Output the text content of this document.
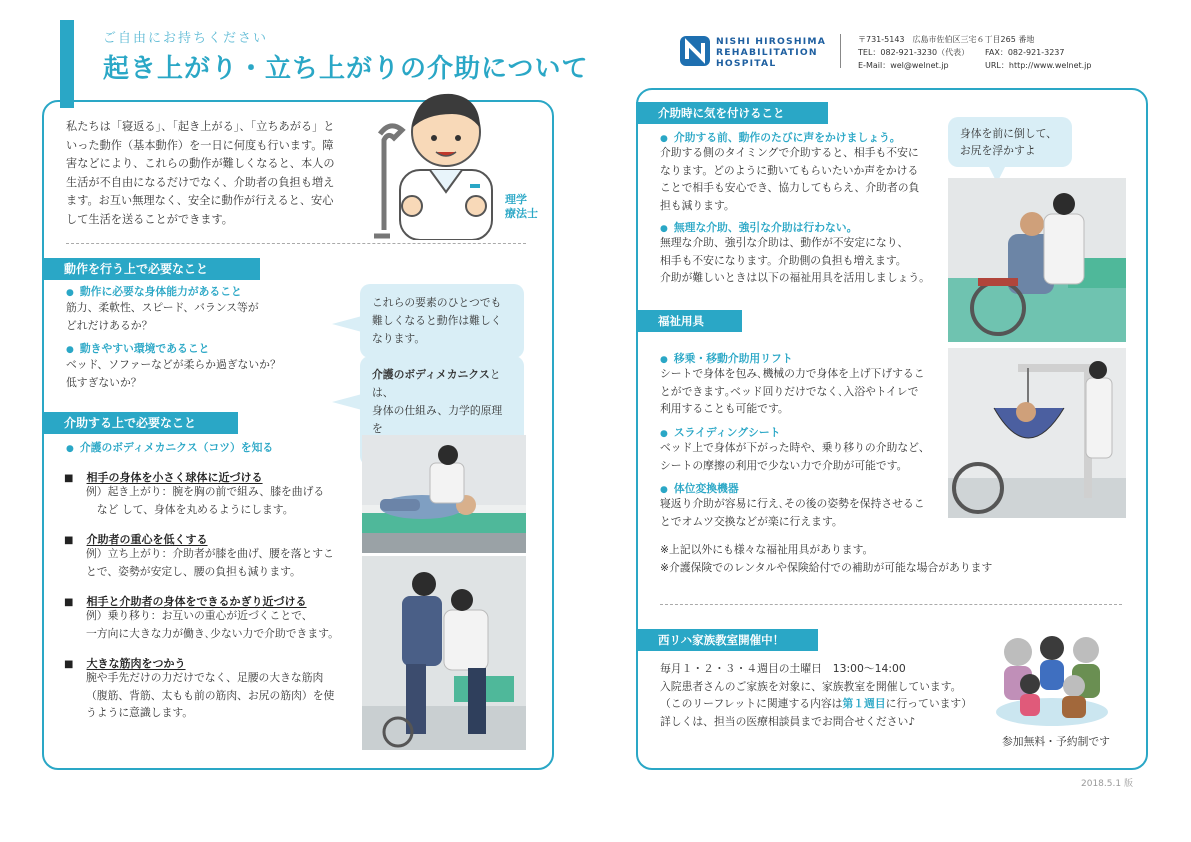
ご自由にお持ちください
起き上がり・立ち上がりの介助について
私たちは「寝返る」、「起き上がる」、「立ちあがる」と
いった動作（基本動作）を一日に何度も行います。障
害などにより、これらの動作が難しくなると、本人の
生活が不自由になるだけでなく、介助者の負担も増え
ます。お互い無理なく、安全に動作が行えると、安心
して生活を送ることができます。
理学
療法士
動作を行う上で必要なこと
● 動作に必要な身体能力があること
筋力、柔軟性、スピード、バランス等が
どれだけあるか？
● 動きやすい環境であること
ベッド、ソファーなどが柔らか過ぎないか？
低すぎないか？
これらの要素のひとつでも
難しくなると動作は難しく
なります。
介護のボディメカニクスとは、
身体の仕組み、力学的原理を
介助する上で必要なこと
● 介護のボディメカニクス（コツ）を知る
■ 相手の身体を小さく球体に近づける
例）起き上がり：腕を胸の前で組み、膝を曲げる
　など して、身体を丸めるようにします。
■ 介助者の重心を低くする
例）立ち上がり：介助者が膝を曲げ、腰を落とすこ
とで、姿勢が安定し、腰の負担も減ります。
■ 相手と介助者の身体をできるかぎり近づける
例）乗り移り：お互いの重心が近づくことで、
一方向に大きな力が働き､少ない力で介助できます。
■ 大きな筋肉をつかう
腕や手先だけの力だけでなく、足腰の大きな筋肉
（腹筋、背筋、太もも前の筋肉、お尻の筋肉）を使
うように意識します。
NISHI HIROSHIMA
REHABILITATION
HOSPITAL
〒731-5143　広島市佐伯区三宅６丁目265 番地
TEL：082-921-3230（代表） FAX：082-921-3237
E-Mail：wel@welnet.jp	URL：http://www.welnet.jp
介助時に気を付けること
● 介助する前、動作のたびに声をかけましょう。
介助する側のタイミングで介助すると、相手も不安に
なります。どのように動いてもらいたいか声をかける
ことで相手も安心でき、協力してもらえ、介助者の負
担も減ります。
● 無理な介助、強引な介助は行わない。
無理な介助、強引な介助は、動作が不安定になり、
相手も不安になります。介助側の負担も増えます。
介助が難しいときは以下の福祉用具を活用しましょう。
身体を前に倒して、
お尻を浮かすよ
福祉用具
● 移乗・移動介助用リフト
シートで身体を包み､機械の力で身体を上げ下げするこ
とができます｡ベッド回りだけでなく､入浴やトイレで
利用することも可能です。
● スライディングシート
ベッド上で身体が下がった時や、乗り移りの介助など、
シートの摩擦の利用で少ない力で介助が可能です。
● 体位変換機器
寝返り介助が容易に行え､その後の姿勢を保持させるこ
とでオムツ交換などが楽に行えます。
※上記以外にも様々な福祉用具があります。
※介護保険でのレンタルや保険給付での補助が可能な場合があります
西リハ家族教室開催中！
毎月１・２・３・４週目の土曜日　13:00～14:00
入院患者さんのご家族を対象に、家族教室を開催しています。
（このリーフレットに関連する内容は第１週目に行っています）
詳しくは、担当の医療相談員までお問合せください♪
参加無料・予約制です
2018.5.1 版
